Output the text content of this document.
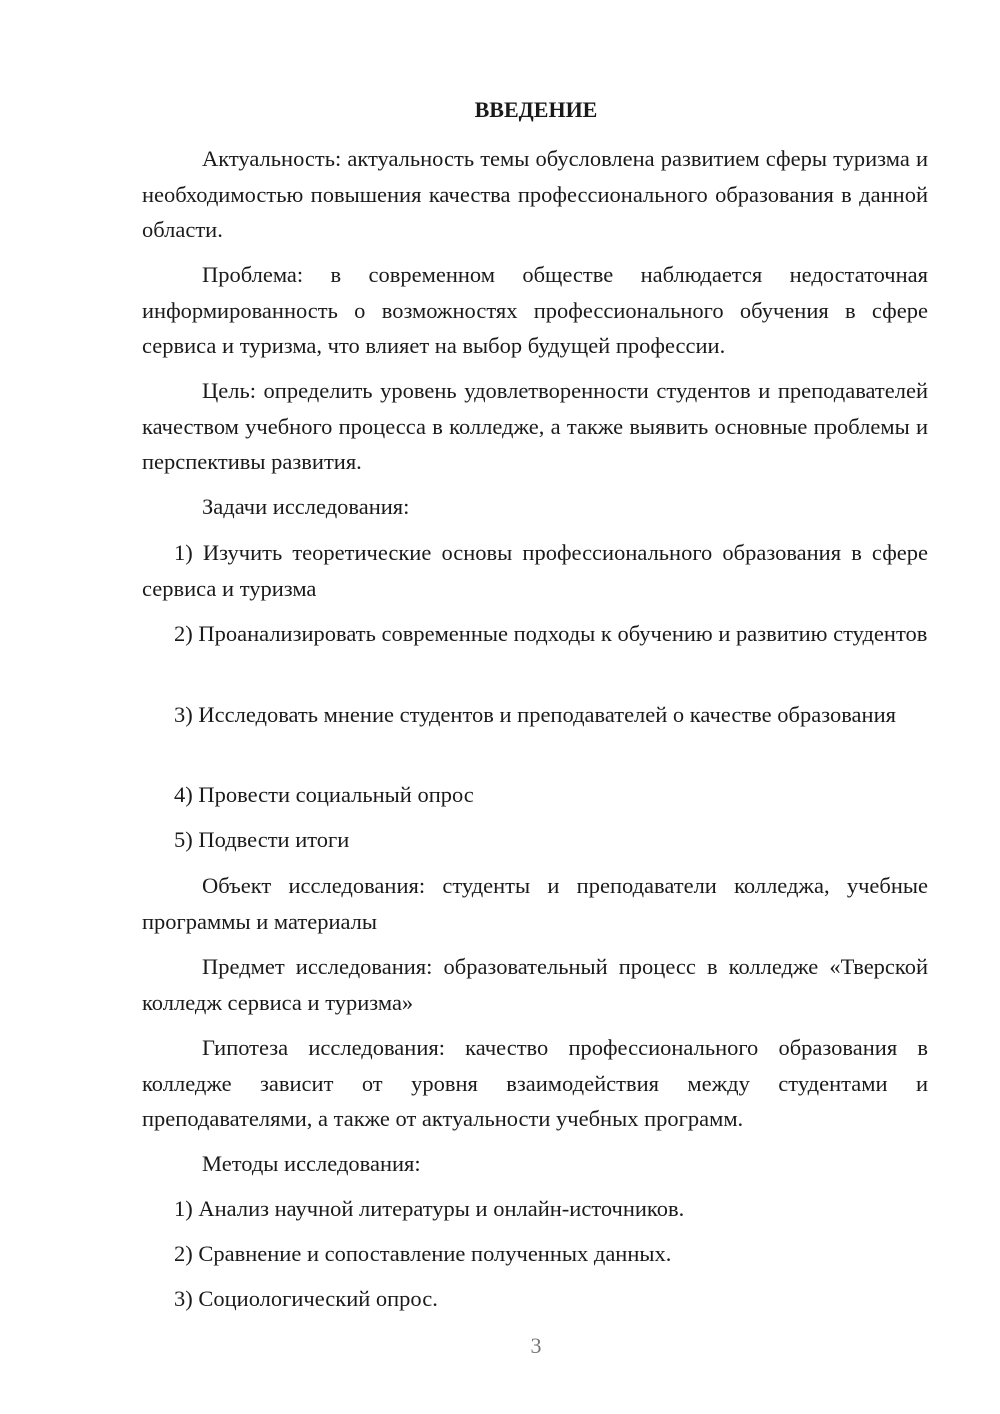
ВВЕДЕНИЕ

Актуальность: актуальность темы обусловлена развитием сферы туризма и необходимостью повышения качества профессионального образования в данной области.

Проблема: в современном обществе наблюдается недостаточная информированность о возможностях профессионального обучения в сфере сервиса и туризма, что влияет на выбор будущей профессии.

Цель: определить уровень удовлетворенности студентов и преподавателей качеством учебного процесса в колледже, а также выявить основные проблемы и перспективы развития.

Задачи исследования:

1) Изучить теоретические основы профессионального образования в сфере сервиса и туризма

2) Проанализировать современные подходы к обучению и развитию студентов

3) Исследовать мнение студентов и преподавателей о качестве образования

4) Провести социальный опрос

5) Подвести итоги

Объект исследования: студенты и преподаватели колледжа, учебные программы и материалы

Предмет исследования: образовательный процесс в колледже «Тверской колледж сервиса и туризма»

Гипотеза исследования: качество профессионального образования в колледже зависит от уровня взаимодействия между студентами и преподавателями, а также от актуальности учебных программ.

Методы исследования:

1) Анализ научной литературы и онлайн-источников.

2) Сравнение и сопоставление полученных данных.

3) Социологический опрос.

3
